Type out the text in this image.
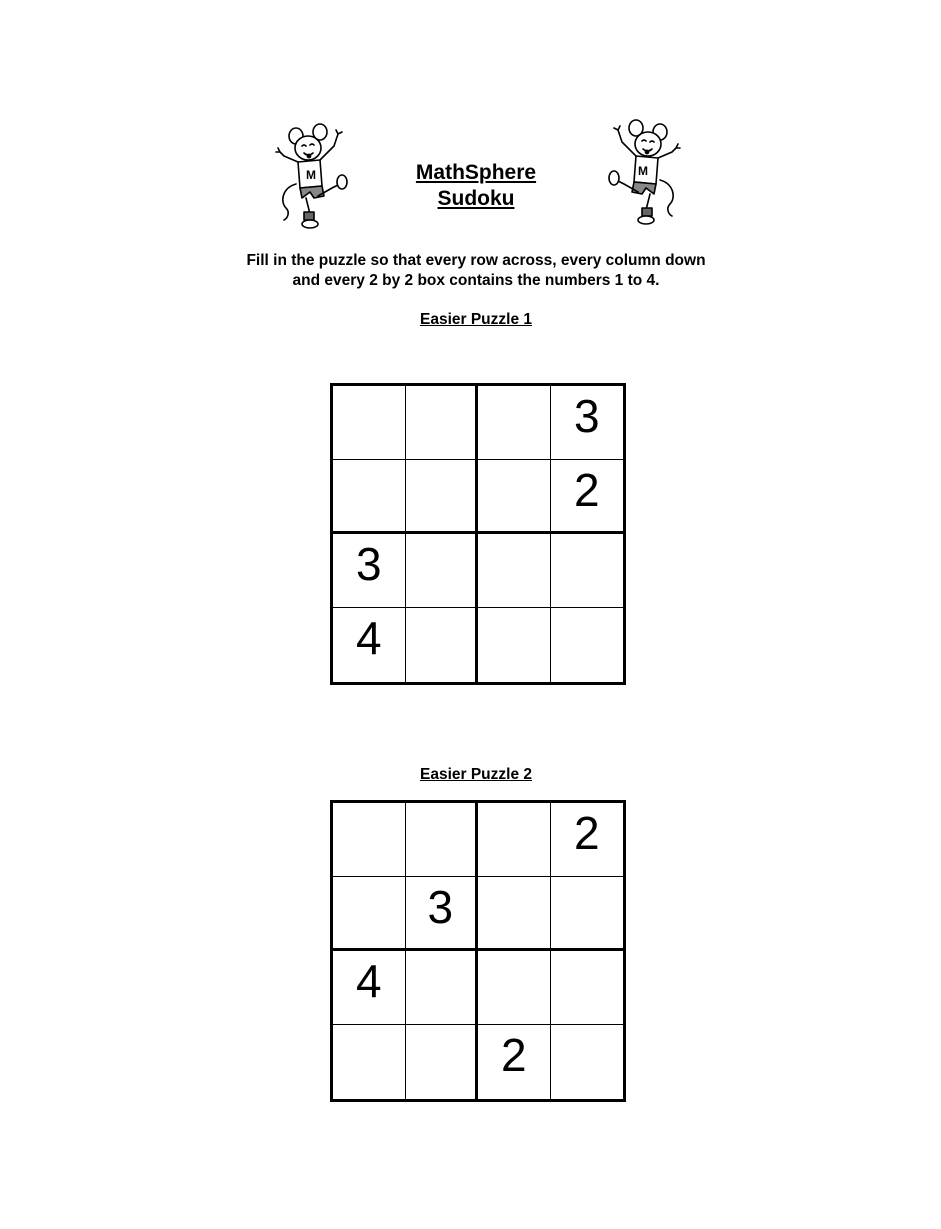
M	M
MathSphere
Sudoku
Fill in the puzzle so that every row across, every column down
and every 2 by 2 box contains the numbers 1 to 4.
Easier Puzzle 1
3
2
3
4
Easier Puzzle 2
2
3
4
2
